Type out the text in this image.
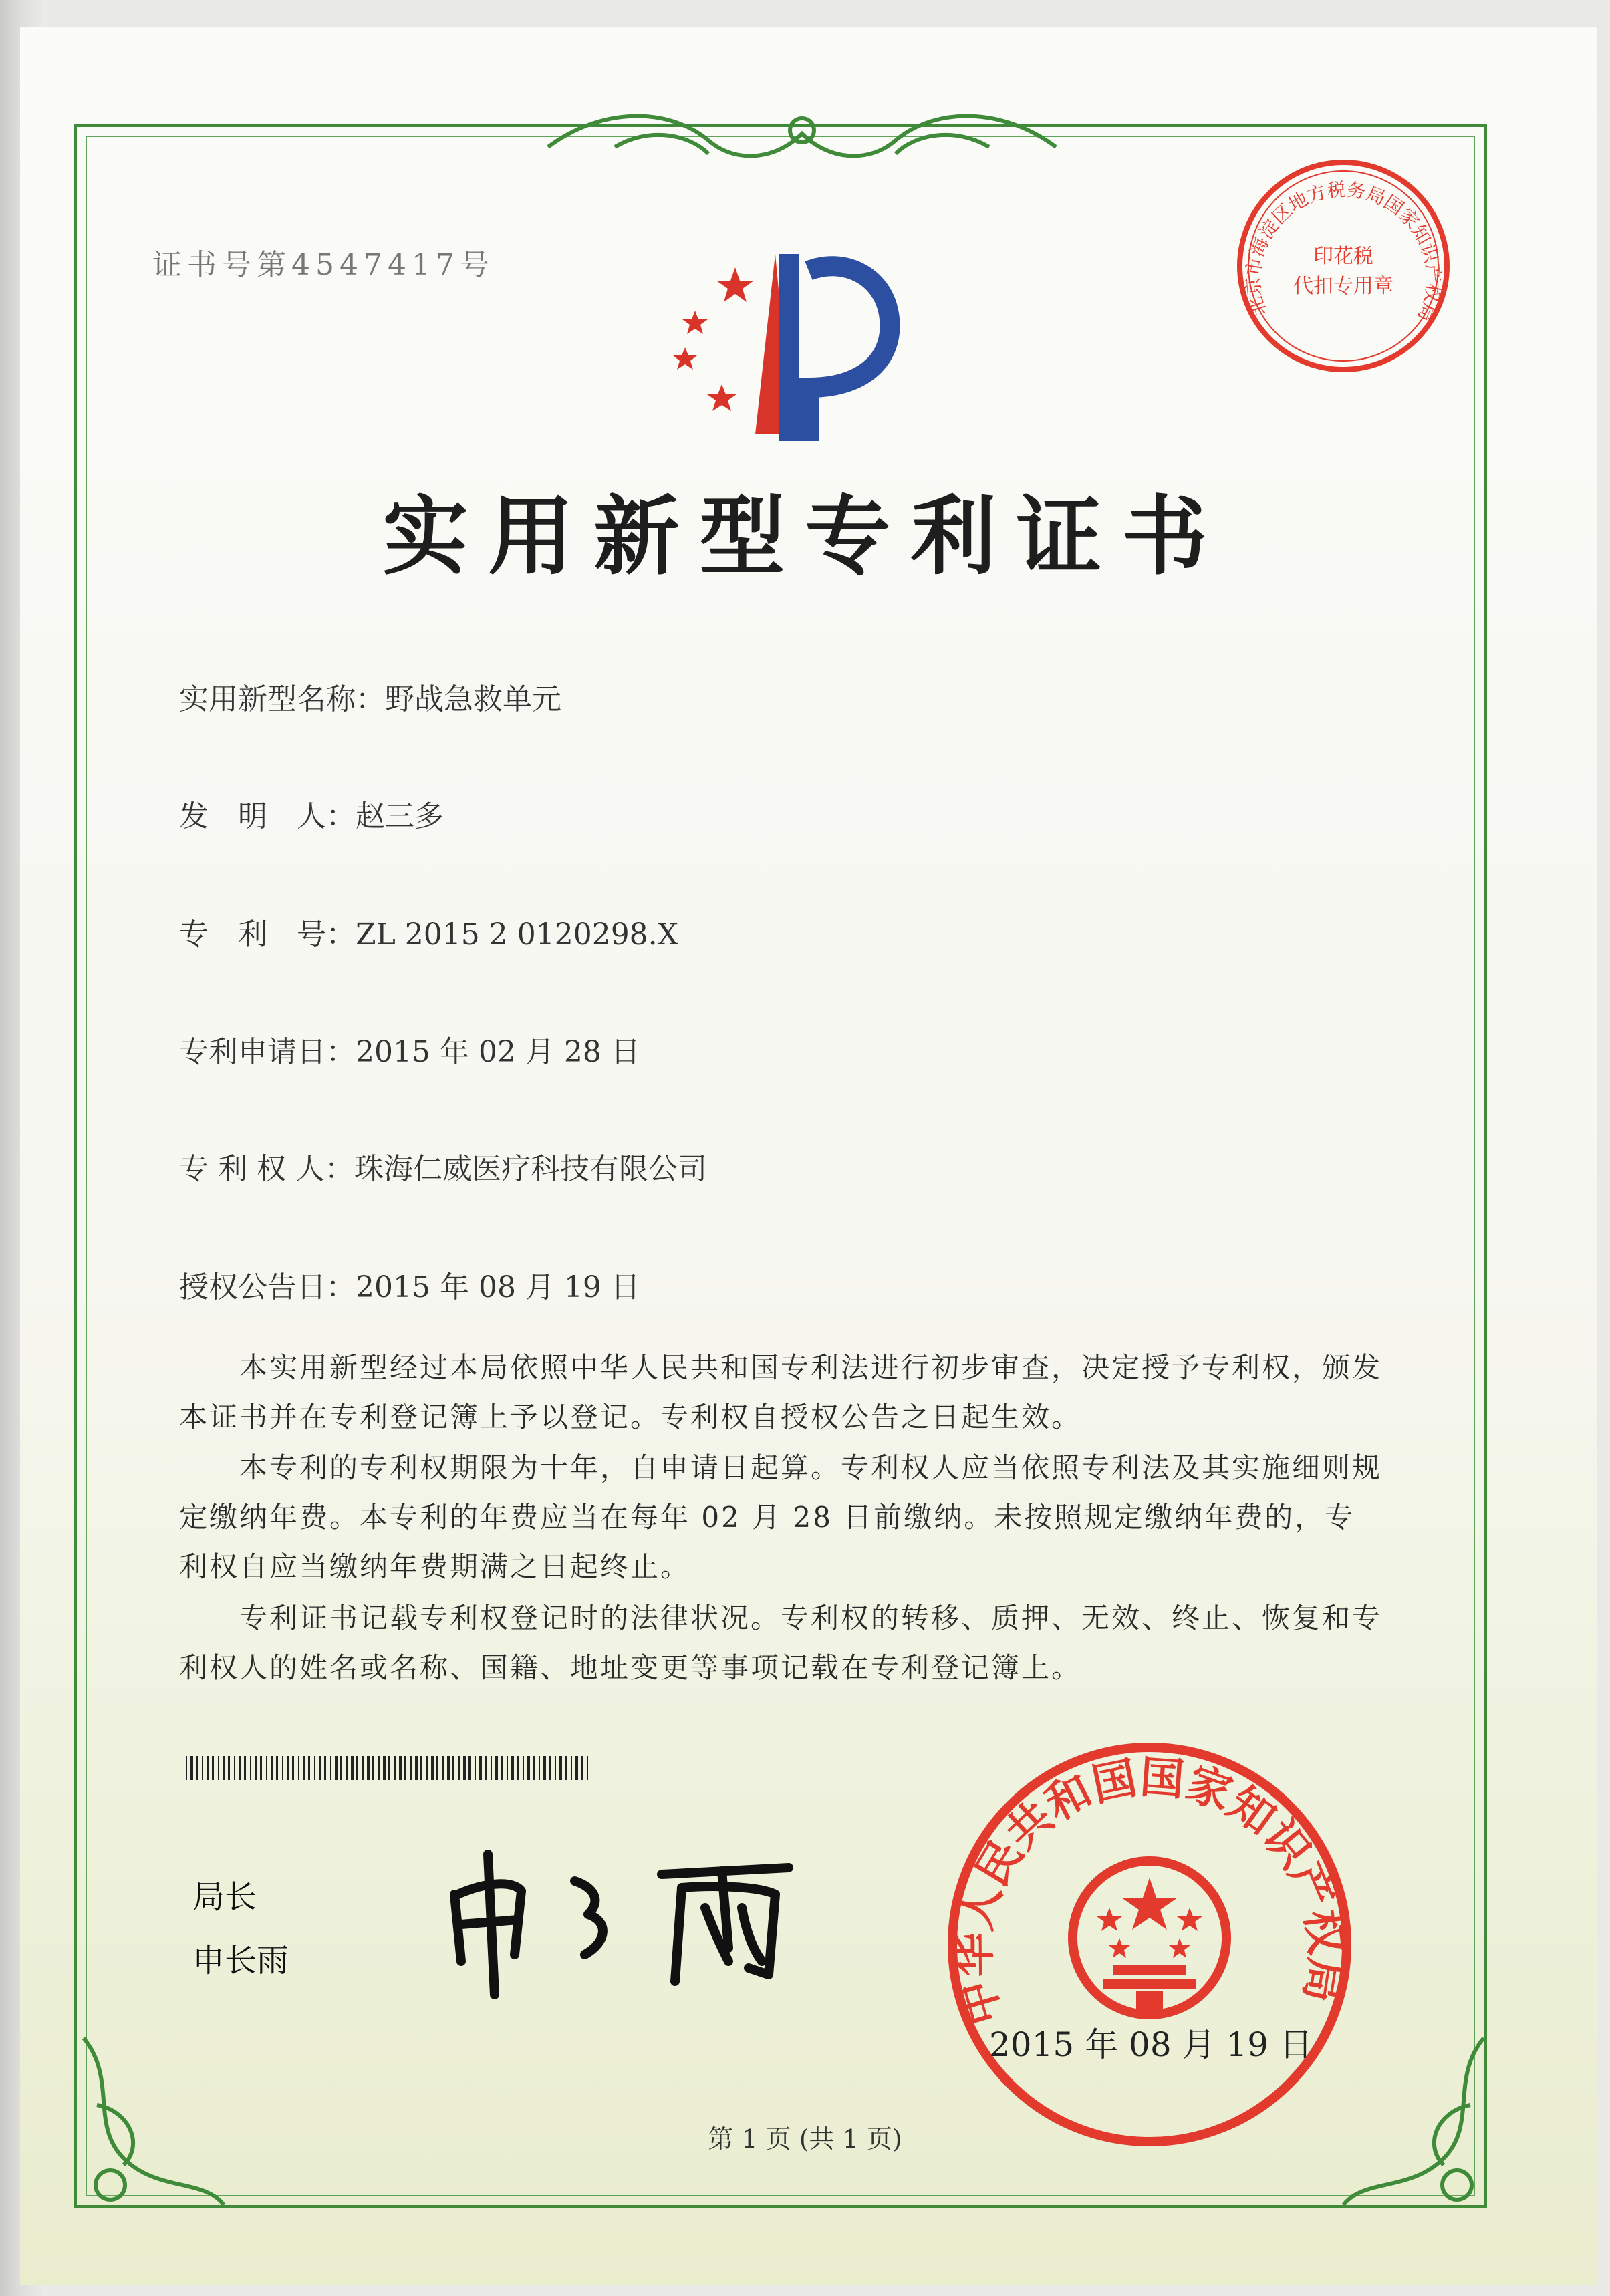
证书号第4547417号
实用新型专利证书
实用新型名称：野战急救单元
发　明　人：赵三多
专　利　号：ZL 2015 2 0120298.X
专利申请日：2015 年 02 月 28 日
专 利 权 人：珠海仁威医疗科技有限公司
授权公告日：2015 年 08 月 19 日
本实用新型经过本局依照中华人民共和国专利法进行初步审查，决定授予专利权，颁发本证书并在专利登记簿上予以登记。专利权自授权公告之日起生效。
本专利的专利权期限为十年，自申请日起算。专利权人应当依照专利法及其实施细则规定缴纳年费。本专利的年费应当在每年 02 月 28 日前缴纳。未按照规定缴纳年费的，专利权自应当缴纳年费期满之日起终止。
专利证书记载专利权登记时的法律状况。专利权的转移、质押、无效、终止、恢复和专利权人的姓名或名称、国籍、地址变更等事项记载在专利登记簿上。
局长
申长雨
北京市海淀区地方税务局国家知识产权局
印花税
代扣专用章
中华人民共和国国家知识产权局
2015 年 08 月 19 日
第 1 页 (共 1 页)
